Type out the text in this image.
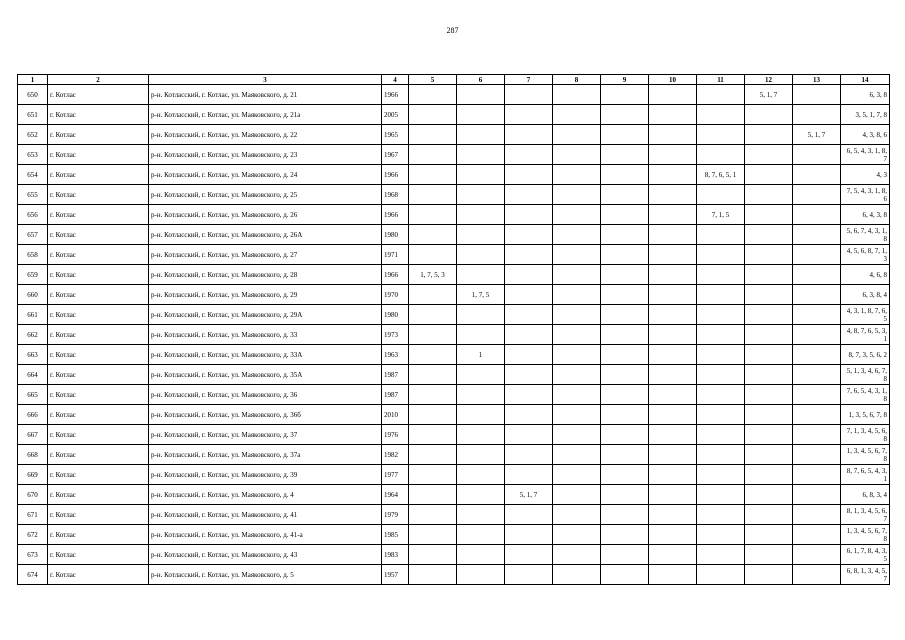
287
1	2	3	4	5	6	7	8	9	10	11	12	13	14
650	г. Котлас	р-н. Котласский, г. Котлас, ул. Маяковского, д. 21	1966								5, 1, 7		6, 3, 8
651	г. Котлас	р-н. Котласский, г. Котлас, ул. Маяковского, д. 21а	2005										3, 5, 1, 7, 8
652	г. Котлас	р-н. Котласский, г. Котлас, ул. Маяковского, д. 22	1965									5, 1, 7	4, 3, 8, 6
653	г. Котлас	р-н. Котласский, г. Котлас, ул. Маяковского, д. 23	1967										6, 5, 4, 3, 1, 8, 7
654	г. Котлас	р-н. Котласский, г. Котлас, ул. Маяковского, д. 24	1966							8, 7, 6, 5, 1			4, 3
655	г. Котлас	р-н. Котласский, г. Котлас, ул. Маяковского, д. 25	1968										7, 5, 4, 3, 1, 8, 6
656	г. Котлас	р-н. Котласский, г. Котлас, ул. Маяковского, д. 26	1966							7, 1, 5			6, 4, 3, 8
657	г. Котлас	р-н. Котласский, г. Котлас, ул. Маяковского, д. 26А	1980										5, 6, 7, 4, 3, 1, 8
658	г. Котлас	р-н. Котласский, г. Котлас, ул. Маяковского, д. 27	1971										4, 5, 6, 8, 7, 1, 3
659	г. Котлас	р-н. Котласский, г. Котлас, ул. Маяковского, д. 28	1966	1, 7, 5, 3									4, 6, 8
660	г. Котлас	р-н. Котласский, г. Котлас, ул. Маяковского, д. 29	1970		1, 7, 5								6, 3, 8, 4
661	г. Котлас	р-н. Котласский, г. Котлас, ул. Маяковского, д. 29А	1980										4, 3, 1, 8, 7, 6, 5
662	г. Котлас	р-н. Котласский, г. Котлас, ул. Маяковского, д. 33	1973										4, 8, 7, 6, 5, 3, 1
663	г. Котлас	р-н. Котласский, г. Котлас, ул. Маяковского, д. 33А	1963		1								8, 7, 3, 5, 6, 2
664	г. Котлас	р-н. Котласский, г. Котлас, ул. Маяковского, д. 35А	1987										5, 1, 3, 4, 6, 7, 8
665	г. Котлас	р-н. Котласский, г. Котлас, ул. Маяковского, д. 36	1987										7, 6, 5, 4, 3, 1, 8
666	г. Котлас	р-н. Котласский, г. Котлас, ул. Маяковского, д. 36б	2010										1, 3, 5, 6, 7, 8
667	г. Котлас	р-н. Котласский, г. Котлас, ул. Маяковского, д. 37	1976										7, 1, 3, 4, 5, 6, 8
668	г. Котлас	р-н. Котласский, г. Котлас, ул. Маяковского, д. 37а	1982										1, 3, 4, 5, 6, 7, 8
669	г. Котлас	р-н. Котласский, г. Котлас, ул. Маяковского, д. 39	1977										8, 7, 6, 5, 4, 3, 1
670	г. Котлас	р-н. Котласский, г. Котлас, ул. Маяковского, д. 4	1964			5, 1, 7							6, 8, 3, 4
671	г. Котлас	р-н. Котласский, г. Котлас, ул. Маяковского, д. 41	1979										8, 1, 3, 4, 5, 6, 7
672	г. Котлас	р-н. Котласский, г. Котлас, ул. Маяковского, д. 41-а	1985										1, 3, 4, 5, 6, 7, 8
673	г. Котлас	р-н. Котласский, г. Котлас, ул. Маяковского, д. 43	1983										6, 1, 7, 8, 4, 3, 5
674	г. Котлас	р-н. Котласский, г. Котлас, ул. Маяковского, д. 5	1957										6, 8, 1, 3, 4, 5, 7
